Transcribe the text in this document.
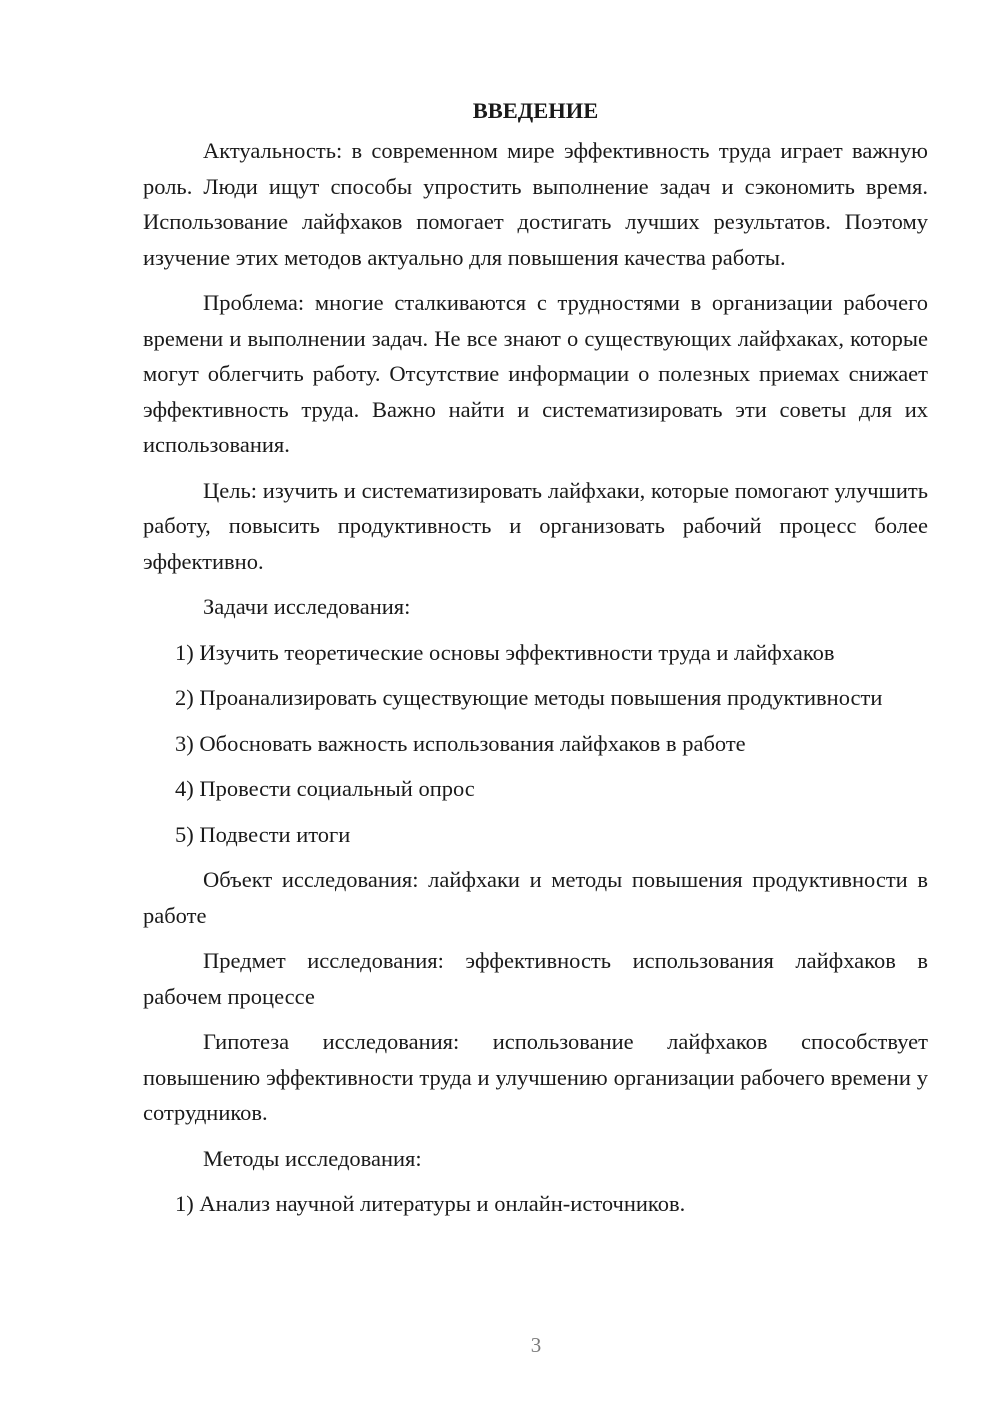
ВВЕДЕНИЕ

Актуальность: в современном мире эффективность труда играет важную роль. Люди ищут способы упростить выполнение задач и сэкономить время. Использование лайфхаков помогает достигать лучших результатов. Поэтому изучение этих методов актуально для повышения качества работы.

Проблема: многие сталкиваются с трудностями в организации рабочего времени и выполнении задач. Не все знают о существующих лайфхаках, которые могут облегчить работу. Отсутствие информации о полезных приемах снижает эффективность труда. Важно найти и систематизировать эти советы для их использования.

Цель: изучить и систематизировать лайфхаки, которые помогают улучшить работу, повысить продуктивность и организовать рабочий процесс более эффективно.

Задачи исследования:

1) Изучить теоретические основы эффективности труда и лайфхаков

2) Проанализировать существующие методы повышения продуктивности

3) Обосновать важность использования лайфхаков в работе

4) Провести социальный опрос

5) Подвести итоги

Объект исследования: лайфхаки и методы повышения продуктивности в работе

Предмет исследования: эффективность использования лайфхаков в рабочем процессе

Гипотеза исследования: использование лайфхаков способствует повышению эффективности труда и улучшению организации рабочего времени у сотрудников.

Методы исследования:

1) Анализ научной литературы и онлайн-источников.

3
